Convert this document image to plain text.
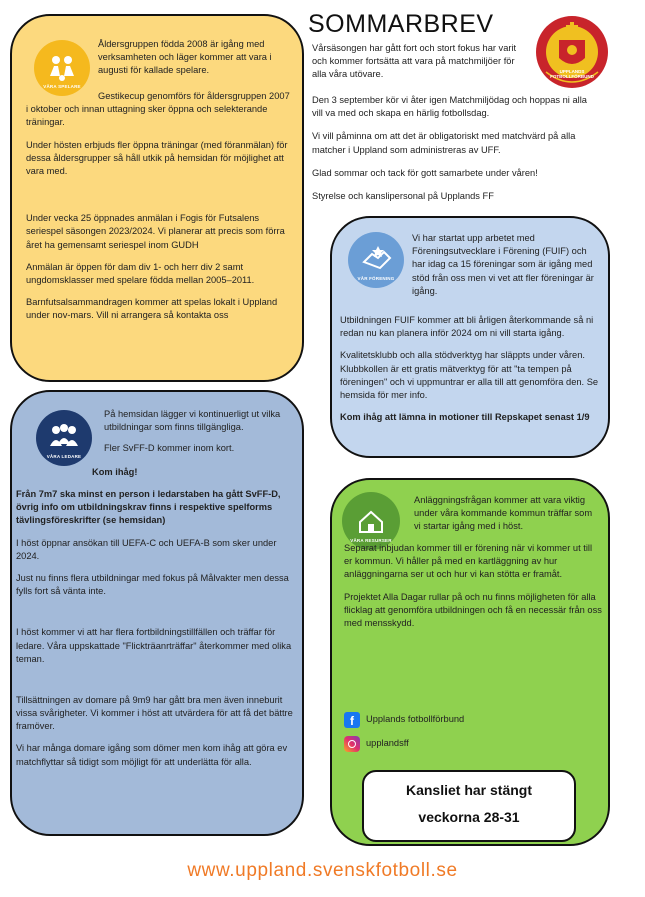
SOMMARBREV
UPPLANDS FOTBOLLFÖRBUND

Vårsäsongen har gått fort och stort fokus har varit och kommer fortsätta att vara på matchmiljöer för alla våra utövare.

Den 3 september kör vi åter igen Matchmiljödag och hoppas ni alla vill va med och skapa en härlig fotbollsdag.

Vi vill påminna om att det är obligatoriskt med matchvärd på alla matcher i Uppland som administreras av UFF.

Glad sommar och tack för gott samarbete under våren!

Styrelse och kanslipersonal på Upplands FF

VÅRA SPELARE

Åldersgruppen födda 2008 är igång med verksamheten och läger kommer att vara i augusti för kallade spelare.

Gestikecup genomförs för åldersgruppen 2007 i oktober och innan uttagning sker öppna och selekterande träningar.

Under hösten erbjuds fler öppna träningar (med föranmälan) för dessa åldersgrupper så håll utkik på hemsidan för möjlighet att vara med.

Under vecka 25 öppnades anmälan i Fogis för Futsalens seriespel säsongen 2023/2024. Vi planerar att precis som förra året ha gemensamt seriespel inom GUDH

Anmälan är öppen för dam div 1- och herr div 2 samt ungdomsklasser med spelare födda mellan 2005–2011.

Barnfutsalsammandragen kommer att spelas lokalt i Uppland under nov-mars. Vill ni arrangera så kontakta oss

VÅR FÖRENING

Vi har startat upp arbetet med Föreningsutvecklare i Förening (FUIF) och har idag ca 15 föreningar som är igång med stöd från oss men vi vet att fler föreningar är igång.

Utbildningen FUIF kommer att bli årligen återkommande så ni redan nu kan planera inför 2024 om ni vill starta igång.

Kvalitetsklubb och alla stödverktyg har släppts under våren. Klubbkollen är ett gratis mätverktyg för att "ta tempen på föreningen" och vi uppmuntrar er alla till att genomföra den. Se hemsida för mer info.

Kom ihåg att lämna in motioner till Repskapet senast 1/9

VÅRA LEDARE

På hemsidan lägger vi kontinuerligt ut vilka utbildningar som finns tillgängliga.

Fler SvFF-D kommer inom kort.

Kom ihåg!

Från 7m7 ska minst en person i ledarstaben ha gått SvFF-D, övrig info om utbildningskrav finns i respektive spelforms tävlingsföreskrifter (se hemsidan)

I höst öppnar ansökan till UEFA-C och UEFA-B som sker under 2024.

Just nu finns flera utbildningar med fokus på Målvakter men dessa fylls fort så vänta inte.

I höst kommer vi att har flera fortbildningstillfällen och träffar för ledare. Våra uppskattade "Flickträanrträffar" återkommer med olika teman.

Tillsättningen av domare på 9m9 har gått bra men även inneburit vissa svårigheter. Vi kommer i höst att utvärdera för att få det bättre framöver.

Vi har många domare igång som dömer men kom ihåg att göra ev matchflyttar så tidigt som möjligt för att underlätta för alla.

VÅRA RESURSER

Anläggningsfrågan kommer att vara viktig under våra kommande kommun träffar som vi startar igång med i höst.

Separat inbjudan kommer till er förening när vi kommer ut till er kommun. Vi håller på med en kartläggning av hur anläggningarna ser ut och hur vi kan stötta er framåt.

Projektet Alla Dagar rullar på och nu finns möjligheten för alla flicklag att genomföra utbildningen och få en necessär från oss med mensskydd.

f	Upplands fotbollförbund
upplandsff
Kansliet har stängt
veckorna 28-31
www.uppland.svenskfotboll.se
